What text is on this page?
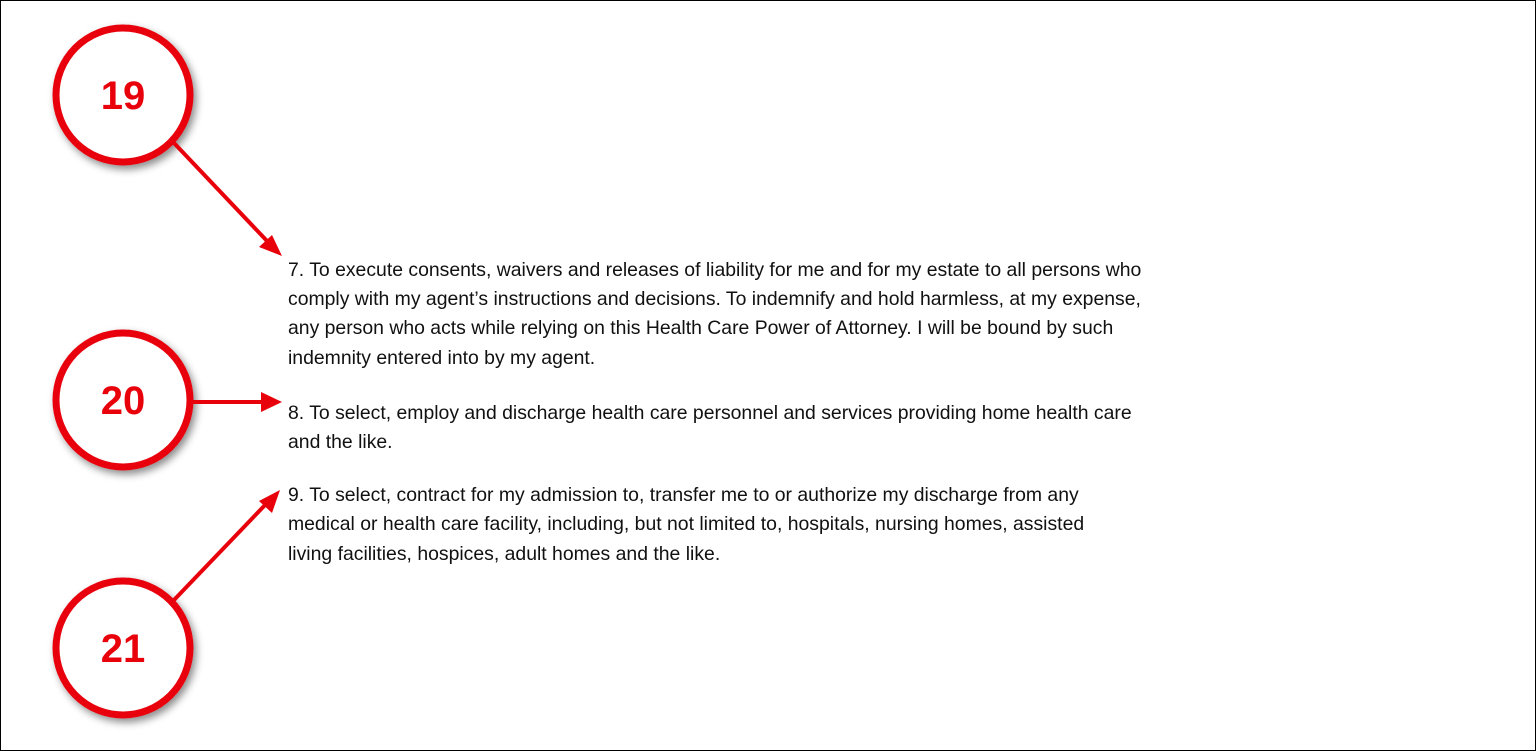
19
20
21

7. To execute consents, waivers and releases of liability for me and for my estate to all persons who
comply with my agent’s instructions and decisions. To indemnify and hold harmless, at my expense,
any person who acts while relying on this Health Care Power of Attorney. I will be bound by such
indemnity entered into by my agent.

8. To select, employ and discharge health care personnel and services providing home health care
and the like.

9. To select, contract for my admission to, transfer me to or authorize my discharge from any
medical or health care facility, including, but not limited to, hospitals, nursing homes, assisted
living facilities, hospices, adult homes and the like.
